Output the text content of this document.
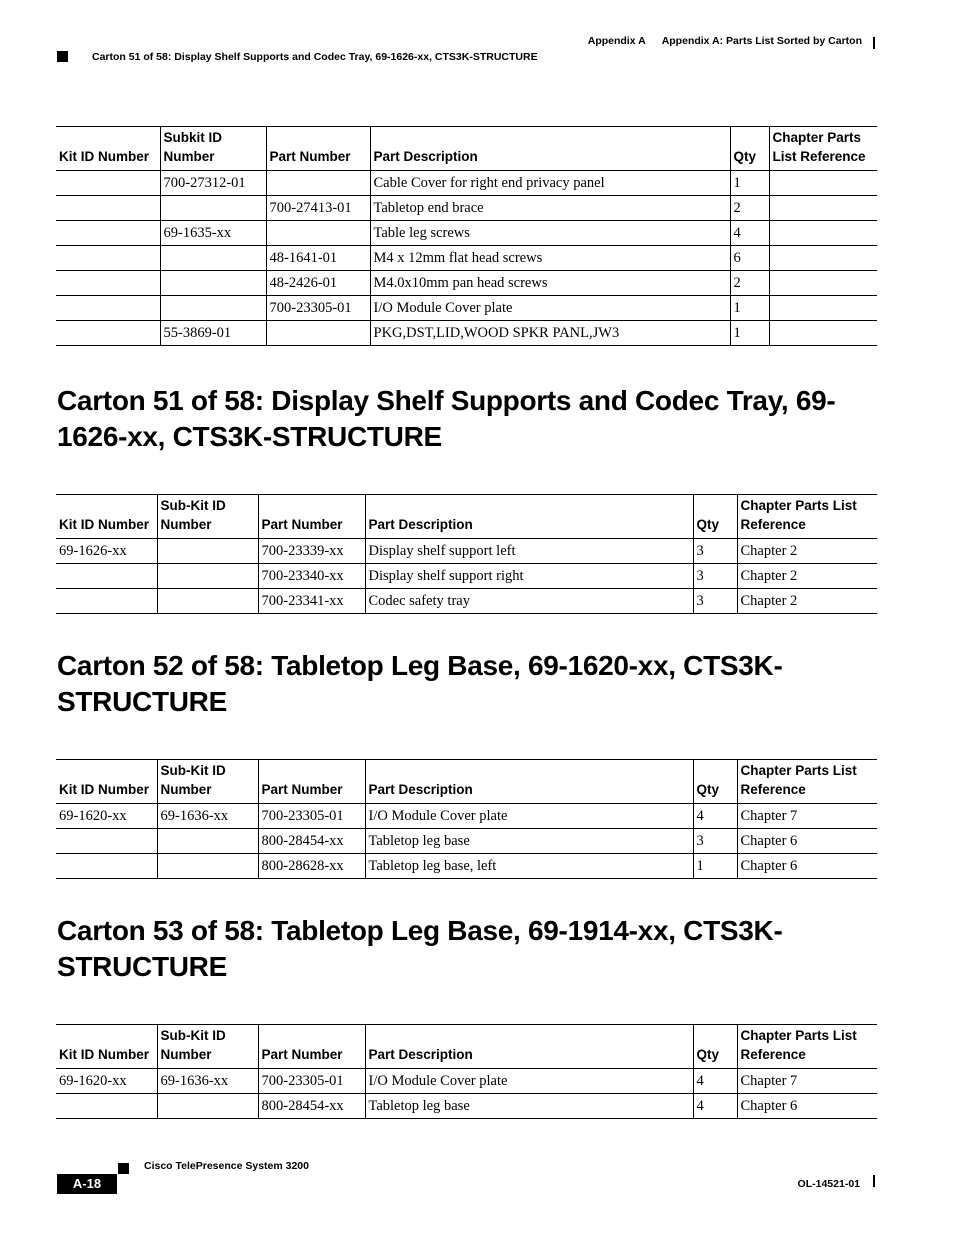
Appendix A Appendix A: Parts List Sorted by Carton
Carton 51 of 58: Display Shelf Supports and Codec Tray, 69-1626-xx, CTS3K-STRUCTURE
Kit ID Number	Subkit ID Number	Part Number	Part Description	Qty	Chapter Parts List Reference
	700-27312-01		Cable Cover for right end privacy panel	1	
		700-27413-01	Tabletop end brace	2	
	69-1635-xx		Table leg screws	4	
		48-1641-01	M4 x 12mm flat head screws	6	
		48-2426-01	M4.0x10mm pan head screws	2	
		700-23305-01	I/O Module Cover plate	1	
	55-3869-01		PKG,DST,LID,WOOD SPKR PANL,JW3	1	
Carton 51 of 58: Display Shelf Supports and Codec Tray, 69-1626-xx, CTS3K-STRUCTURE
Kit ID Number	Sub-Kit ID Number	Part Number	Part Description	Qty	Chapter Parts List Reference
69-1626-xx		700-23339-xx	Display shelf support left	3	Chapter 2
		700-23340-xx	Display shelf support right	3	Chapter 2
		700-23341-xx	Codec safety tray	3	Chapter 2
Carton 52 of 58: Tabletop Leg Base, 69-1620-xx, CTS3K-STRUCTURE
Kit ID Number	Sub-Kit ID Number	Part Number	Part Description	Qty	Chapter Parts List Reference
69-1620-xx	69-1636-xx	700-23305-01	I/O Module Cover plate	4	Chapter 7
		800-28454-xx	Tabletop leg base	3	Chapter 6
		800-28628-xx	Tabletop leg base, left	1	Chapter 6
Carton 53 of 58: Tabletop Leg Base, 69-1914-xx, CTS3K-STRUCTURE
Kit ID Number	Sub-Kit ID Number	Part Number	Part Description	Qty	Chapter Parts List Reference
69-1620-xx	69-1636-xx	700-23305-01	I/O Module Cover plate	4	Chapter 7
		800-28454-xx	Tabletop leg base	4	Chapter 6
Cisco TelePresence System 3200
A-18	OL-14521-01
